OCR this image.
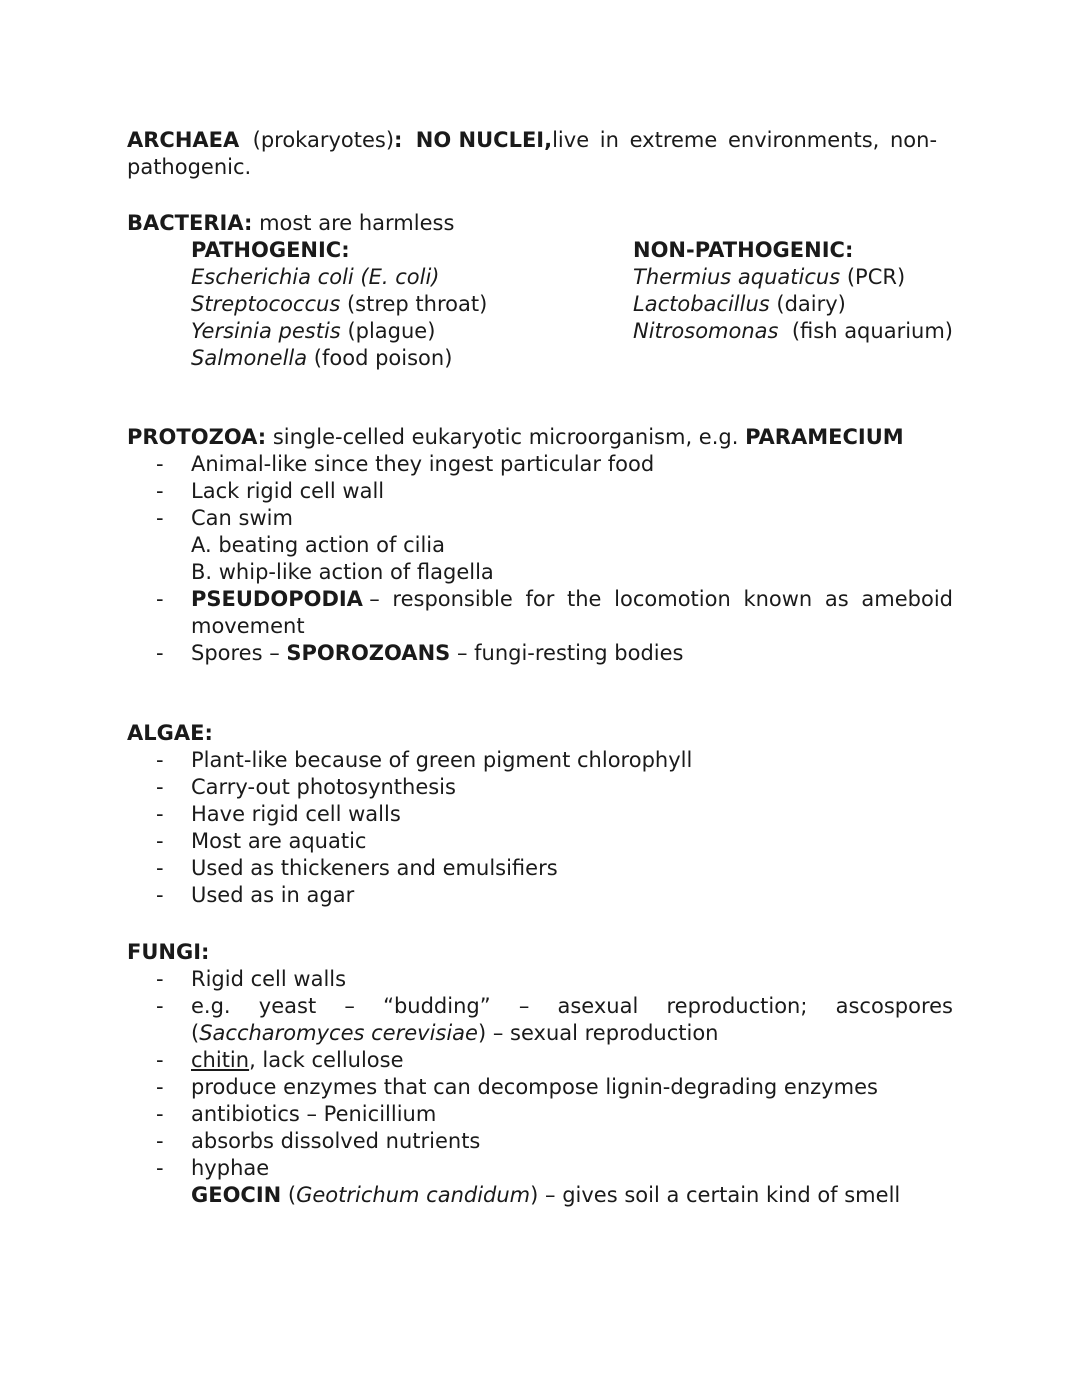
ARCHAEA (prokaryotes): NO NUCLEI, live in extreme environments, non-
pathogenic.
BACTERIA: most are harmless
PATHOGENIC:
Escherichia coli (E. coli)
Streptococcus (strep throat)
Yersinia pestis (plague)
Salmonella (food poison)
NON-PATHOGENIC:
Thermius aquaticus (PCR)
Lactobacillus (dairy)
Nitrosomonas (fish aquarium)
PROTOZOA: single-celled eukaryotic microorganism, e.g. PARAMECIUM
- Animal-like since they ingest particular food
- Lack rigid cell wall
- Can swim
A. beating action of cilia
B. whip-like action of flagella
- PSEUDOPODIA – responsible for the locomotion known as ameboid
movement
- Spores – SPOROZOANS – fungi-resting bodies
ALGAE:
- Plant-like because of green pigment chlorophyll
- Carry-out photosynthesis
- Have rigid cell walls
- Most are aquatic
- Used as thickeners and emulsifiers
- Used as in agar
FUNGI:
- Rigid cell walls
- e.g. yeast – “budding” – asexual reproduction; ascospores
(Saccharomyces cerevisiae) – sexual reproduction
- chitin, lack cellulose
- produce enzymes that can decompose lignin-degrading enzymes
- antibiotics – Penicillium
- absorbs dissolved nutrients
- hyphae
GEOCIN (Geotrichum candidum) – gives soil a certain kind of smell
